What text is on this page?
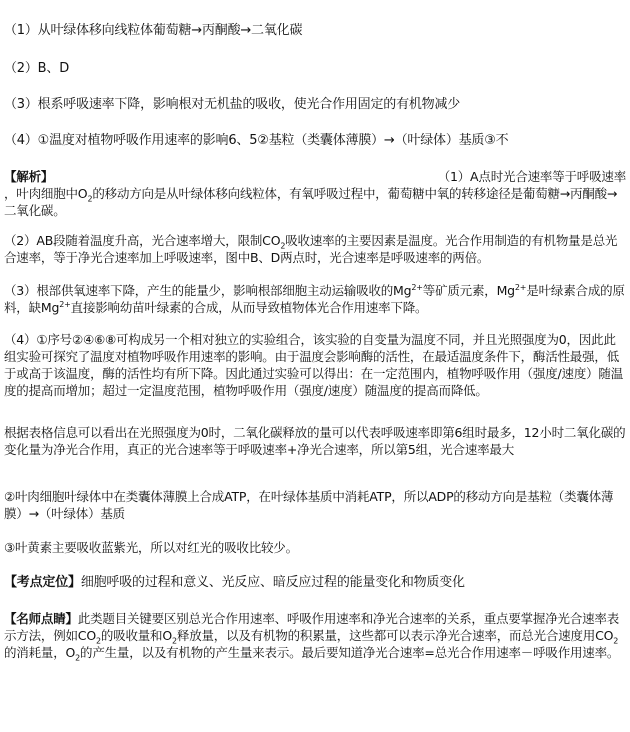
（1）从叶绿体移向线粒体葡萄糖→丙酮酸→二氧化碳
（2）B、D
（3）根系呼吸速率下降，影响根对无机盐的吸收，使光合作用固定的有机物减少
（4）①温度对植物呼吸作用速率的影响6、5②基粒（类囊体薄膜）→（叶绿体）基质③不
【解析】	（1）A点时光合速率等于呼吸速率

，叶肉细胞中$O_2$的移动方向是从叶绿体移向线粒体，有氧呼吸过程中，葡萄糖中氧的转移途径是葡萄糖→丙酮酸→二氧化碳。
（2）AB段随着温度升高，光合速率增大，限制$CO_2$吸收速率的主要因素是温度。光合作用制造的有机物量是总光合速率，等于净光合速率加上呼吸速率，图中B、D两点时，光合速率是呼吸速率的两倍。
（3）根部供氧速率下降，产生的能量少，影响根部细胞主动运输吸收的$Mg^{2+}$等矿质元素，$Mg^{2+}$是叶绿素合成的原料，缺$Mg^{2+}$直接影响幼苗叶绿素的合成，从而导致植物体光合作用速率下降。
（4）①序号②④⑥⑧可构成另一个相对独立的实验组合，该实验的自变量为温度不同，并且光照强度为0，因此此组实验可探究了温度对植物呼吸作用速率的影响。由于温度会影响酶的活性，在最适温度条件下，酶活性最强，低于或高于该温度，酶的活性均有所下降。因此通过实验可以得出：在一定范围内，植物呼吸作用（强度/速度）随温度的提高而增加；超过一定温度范围，植物呼吸作用（强度/速度）随温度的提高而降低。
根据表格信息可以看出在光照强度为0时，二氧化碳释放的量可以代表呼吸速率即第6组时最多，12小时二氧化碳的变化量为净光合作用，真正的光合速率等于呼吸速率+净光合速率，所以第5组，光合速率最大
②叶肉细胞叶绿体中在类囊体薄膜上合成ATP，在叶绿体基质中消耗ATP，所以ADP的移动方向是基粒（类囊体薄膜）→（叶绿体）基质
③叶黄素主要吸收蓝紫光，所以对红光的吸收比较少。
【考点定位】细胞呼吸的过程和意义、光反应、暗反应过程的能量变化和物质变化
【名师点睛】此类题目关键要区别总光合作用速率、呼吸作用速率和净光合速率的关系，重点要掌握净光合速率表示方法，例如$CO_2$的吸收量和$O_2$释放量，以及有机物的积累量，这些都可以表示净光合速率，而总光合速度用$CO_2$的消耗量，$O_2$的产生量，以及有机物的产生量来表示。最后要知道净光合速率=总光合作用速率－呼吸作用速率。
